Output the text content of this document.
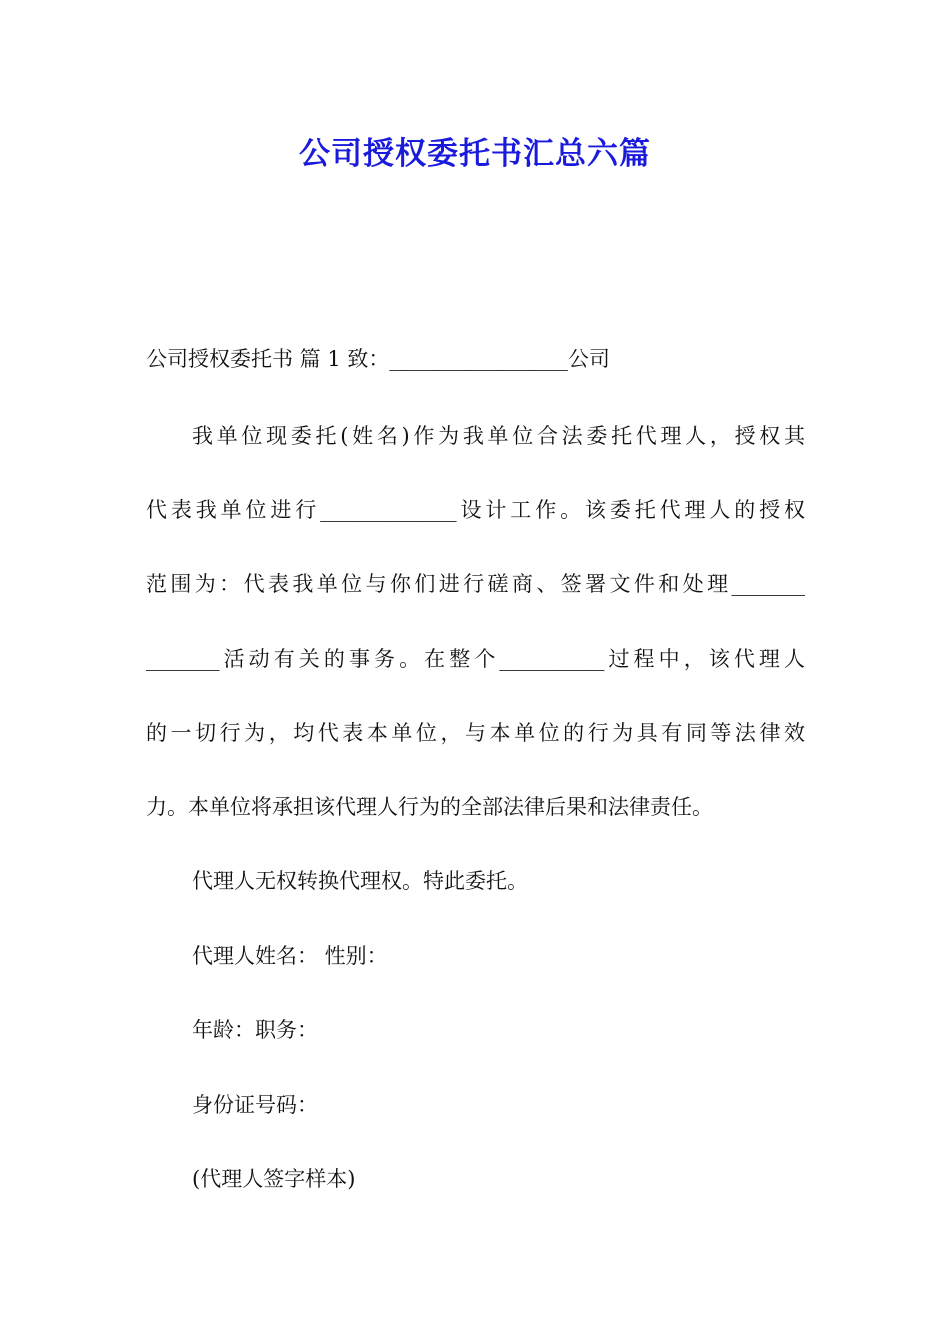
公司授权委托书汇总六篇

公司授权委托书 篇 1 致：_________________公司

我单位现委托(姓名)作为我单位合法委托代理人，授权其

代表我单位进行_____________设计工作。该委托代理人的授权

范围为：代表我单位与你们进行磋商、签署文件和处理_______

_______活动有关的事务。在整个__________过程中，该代理人

的一切行为，均代表本单位，与本单位的行为具有同等法律效

力。本单位将承担该代理人行为的全部法律后果和法律责任。

代理人无权转换代理权。特此委托。

代理人姓名： 性别：

年龄：职务：

身份证号码：

(代理人签字样本)
